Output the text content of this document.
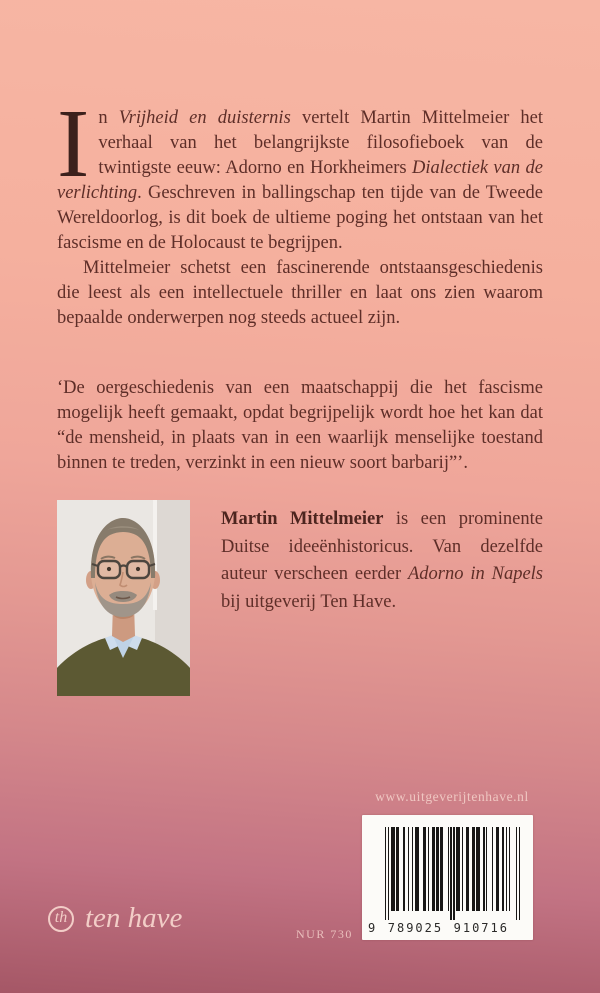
In Vrijheid en duisternis vertelt Martin Mittelmeier het verhaal van het belangrijkste filosofieboek van de twintigste eeuw: Adorno en Horkheimers Dialectiek van de verlichting. Geschreven in ballingschap ten tijde van de Tweede Wereldoorlog, is dit boek de ultieme poging het ontstaan van het fascisme en de Holocaust te begrijpen.

Mittelmeier schetst een fascinerende ontstaansgeschiedenis die leest als een intellectuele thriller en laat ons zien waarom bepaalde onderwerpen nog steeds actueel zijn.

‘De oergeschiedenis van een maatschappij die het fascisme mogelijk heeft gemaakt, opdat begrijpelijk wordt hoe het kan dat “de mensheid, in plaats van in een waarlijk menselijke toestand binnen te treden, verzinkt in een nieuw soort barbarij”’.

Martin Mittelmeier is een prominente Duitse ideeënhistoricus. Van dezelfde auteur verscheen eerder Adorno in Napels bij uitgeverij Ten Have.
www.uitgeverijtenhave.nl
9 789025 910716
th ten have	NUR 730
